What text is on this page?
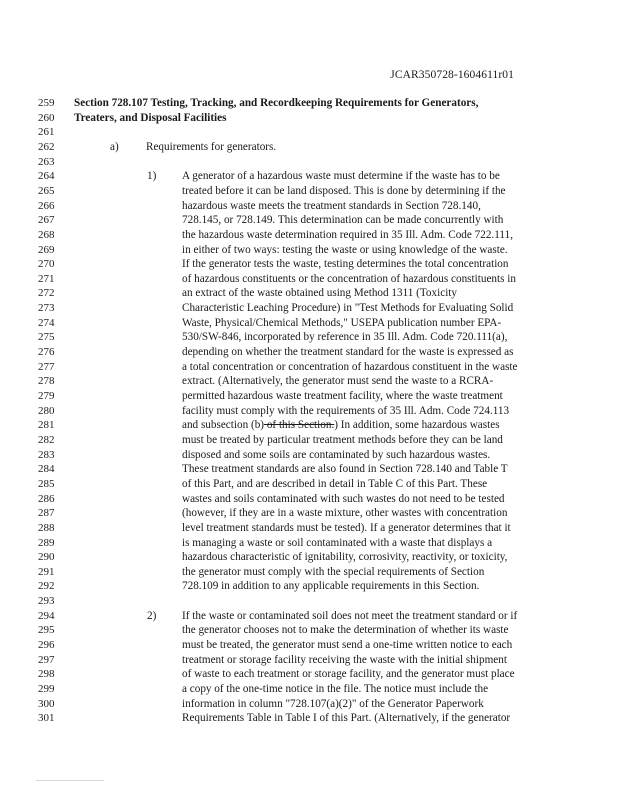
JCAR350728-1604611r01
259	Section 728.107 Testing, Tracking, and Recordkeeping Requirements for Generators,
260	Treaters, and Disposal Facilities
261
262	a) Requirements for generators.
263
264	1) A generator of a hazardous waste must determine if the waste has to be
265	treated before it can be land disposed. This is done by determining if the
266	hazardous waste meets the treatment standards in Section 728.140,
267	728.145, or 728.149. This determination can be made concurrently with
268	the hazardous waste determination required in 35 Ill. Adm. Code 722.111,
269	in either of two ways: testing the waste or using knowledge of the waste.
270	If the generator tests the waste, testing determines the total concentration
271	of hazardous constituents or the concentration of hazardous constituents in
272	an extract of the waste obtained using Method 1311 (Toxicity
273	Characteristic Leaching Procedure) in "Test Methods for Evaluating Solid
274	Waste, Physical/Chemical Methods," USEPA publication number EPA-
275	530/SW-846, incorporated by reference in 35 Ill. Adm. Code 720.111(a),
276	depending on whether the treatment standard for the waste is expressed as
277	a total concentration or concentration of hazardous constituent in the waste
278	extract. (Alternatively, the generator must send the waste to a RCRA-
279	permitted hazardous waste treatment facility, where the waste treatment
280	facility must comply with the requirements of 35 Ill. Adm. Code 724.113
281	and subsection (b) of this Section.) In addition, some hazardous wastes
282	must be treated by particular treatment methods before they can be land
283	disposed and some soils are contaminated by such hazardous wastes.
284	These treatment standards are also found in Section 728.140 and Table T
285	of this Part, and are described in detail in Table C of this Part. These
286	wastes and soils contaminated with such wastes do not need to be tested
287	(however, if they are in a waste mixture, other wastes with concentration
288	level treatment standards must be tested). If a generator determines that it
289	is managing a waste or soil contaminated with a waste that displays a
290	hazardous characteristic of ignitability, corrosivity, reactivity, or toxicity,
291	the generator must comply with the special requirements of Section
292	728.109 in addition to any applicable requirements in this Section.
293
294	2) If the waste or contaminated soil does not meet the treatment standard or if
295	the generator chooses not to make the determination of whether its waste
296	must be treated, the generator must send a one-time written notice to each
297	treatment or storage facility receiving the waste with the initial shipment
298	of waste to each treatment or storage facility, and the generator must place
299	a copy of the one-time notice in the file. The notice must include the
300	information in column "728.107(a)(2)" of the Generator Paperwork
301	Requirements Table in Table I of this Part. (Alternatively, if the generator
